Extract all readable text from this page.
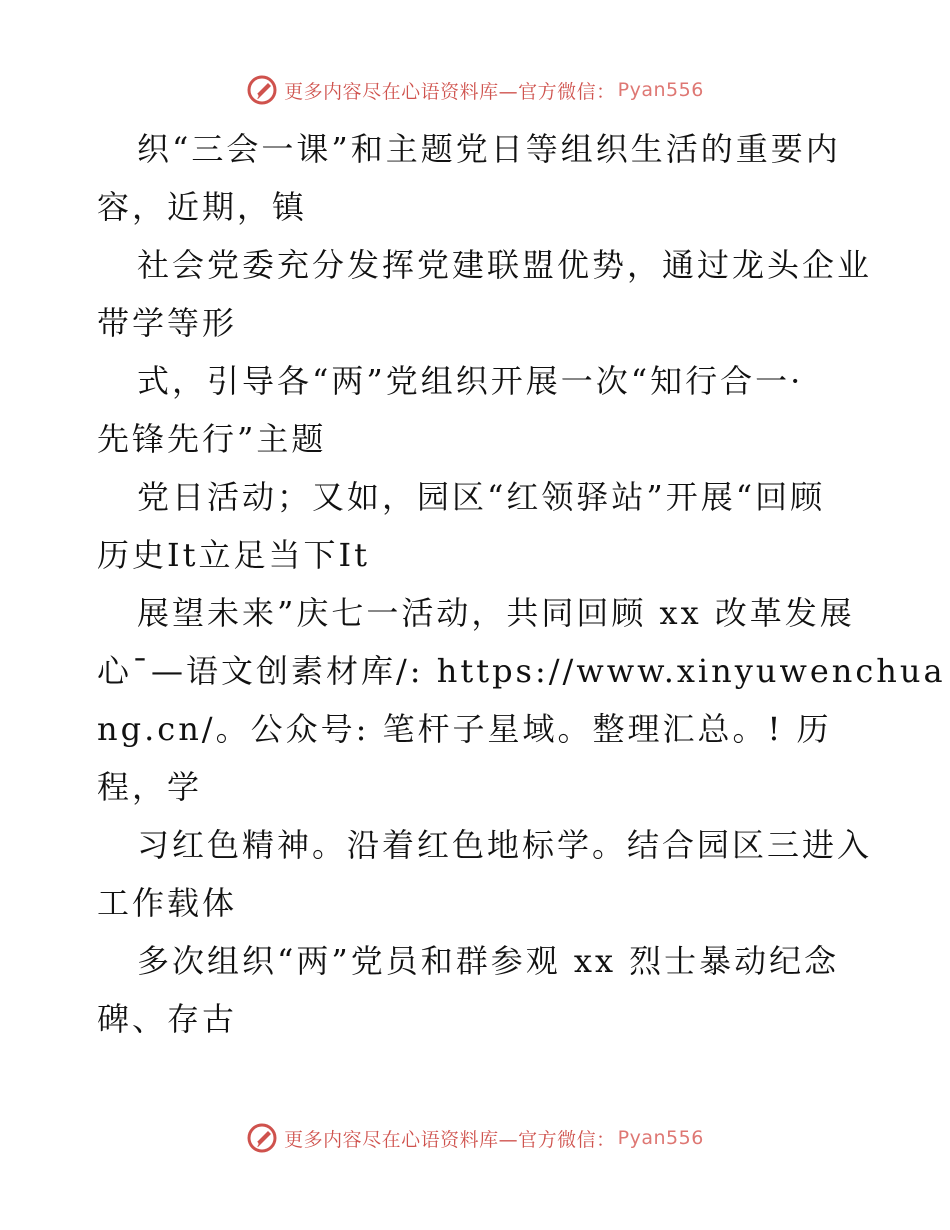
更多内容尽在心语资料库—官方微信： Pyan556

织“三会一课”和主题党日等组织生活的重要内
容，近期，镇

社会党委充分发挥党建联盟优势，通过龙头企业
带学等形

式，引导各“两”党组织开展一次“知行合一·
先锋先行”主题

党日活动；又如，园区“红领驿站”开展“回顾
历史Ⅰt立足当下Ⅰt

展望未来”庆七一活动，共同回顾 xx 改革发展
心¯—语文创素材库/: https://www.xinyuwenchua
ng.cn/。公众号: 笔杆子星域。整理汇总。! 历
程，学

习红色精神。沿着红色地标学。结合园区三进入
工作载体

多次组织“两”党员和群参观 xx 烈士暴动纪念
碑、存古

更多内容尽在心语资料库—官方微信： Pyan556
